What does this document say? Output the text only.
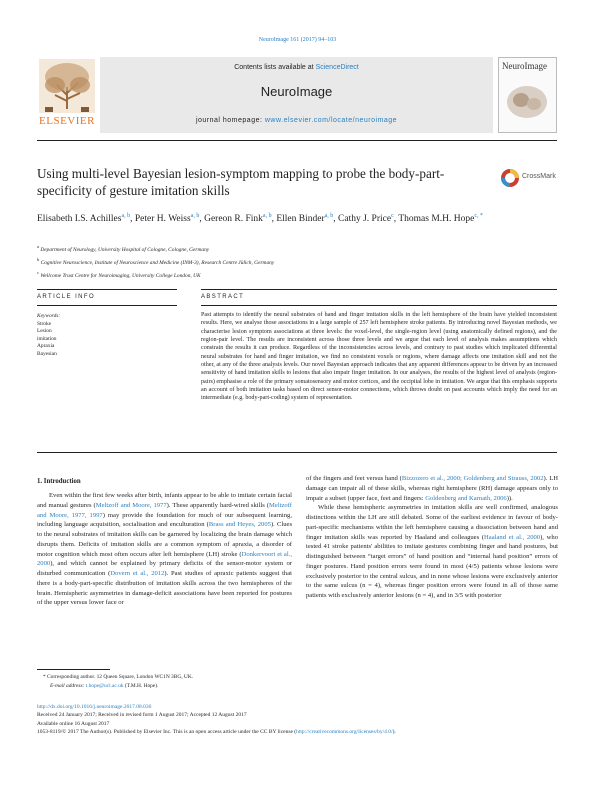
NeuroImage 161 (2017) 94–103
ELSEVIER
Contents lists available at ScienceDirect
NeuroImage
journal homepage: www.elsevier.com/locate/neuroimage
NeuroImage
Using multi-level Bayesian lesion-symptom mapping to probe the body-part-specificity of gesture imitation skills
CrossMark
Elisabeth I.S. Achilles$^{a, b}$, Peter H. Weiss$^{a, b}$, Gereon R. Fink$^{a, b}$, Ellen Binder$^{a, b}$, Cathy J. Price$^c$, Thomas M.H. Hope$^{c, *}$
$^a$ Department of Neurology, University Hospital of Cologne, Cologne, Germany
$^b$ Cognitive Neuroscience, Institute of Neuroscience and Medicine (INM-3), Research Centre Jülich, Germany
$^c$ Wellcome Trust Centre for Neuroimaging, University College London, UK
ARTICLE INFO	ABSTRACT
Keywords:
Stroke
Lesion
imitation
Apraxia
Bayesian
Past attempts to identify the neural substrates of hand and finger imitation skills in the left hemisphere of the brain have yielded inconsistent results. Here, we analyse those associations in a large sample of 257 left hemisphere stroke patients. By introducing novel Bayesian methods, we characterise lesion symptom associations at three levels: the voxel-level, the single-region level (using anatomically defined regions), and the region-pair level. The results are inconsistent across those three levels and we argue that each level of analysis makes assumptions which constrain the results it can produce. Regardless of the inconsistencies across levels, and contrary to past studies which implicated differential neural substrates for hand and finger imitation, we find no consistent voxels or regions, where damage affects one imitation skill and not the other, at any of the three analysis levels. Our novel Bayesian approach indicates that any apparent differences appear to be driven by an increased sensitivity of hand imitation skills to lesions that also impair finger imitation. In our analyses, the results of the highest level of analysis (region-pairs) emphasise a role of the primary somatosensory and motor cortices, and the occipital lobe in imitation. We argue that this emphasis supports an account of both imitation tasks based on direct sensor-motor connections, which throws doubt on past accounts which imply the need for an intermediate (e.g. body-part-coding) system of representation.
1. Introduction

Even within the first few weeks after birth, infants appear to be able to imitate certain facial and manual gestures (Meltzoff and Moore, 1977). These apparently hard-wired skills (Meltzoff and Moore, 1977, 1997) may provide the foundation for much of our subsequent learning, including language acquisition, socialisation and enculturation (Brass and Heyes, 2005). Clues to the neural substrates of imitation skills can be garnered by localizing the brain damage which disrupts them. Deficits of imitation skills are a common symptom of apraxia, a disorder of motor cognition which most often occurs after left hemisphere (LH) stroke (Donkervoort et al., 2000), and which cannot be explained by primary deficits of the sensor-motor system or disturbed communication (Dovern et al., 2012). Past studies of apraxic patients suggest that there is a body-part-specific distribution of imitation skills across the two hemispheres of the brain. Hemispheric asymmetries in damage-deficit associations have been reported for postures of the upper versus lower face or

of the fingers and feet versus hand (Bizzozero et al., 2000; Goldenberg and Strauss, 2002). LH damage can impair all of these skills, whereas right hemisphere (RH) damage appears only to impair a subset (upper face, feet and fingers: Goldenberg and Karnath, 2006)).

While these hemispheric asymmetries in imitation skills are well confirmed, analogous distinctions within the LH are still debated. Some of the earliest evidence in favour of body-part-specific mechanisms within the left hemisphere causing a dissociation between hand and finger imitation skills was reported by Haaland and colleagues (Haaland et al., 2000), who tested 41 stroke patients' abilities to imitate gestures combining finger and hand postures, but distinguished between “target errors” of hand position and “internal hand position” errors of finger postures. Hand position errors were found in most (4/5) patients whose lesions were exclusively posterior to the central sulcus, and in none whose lesions were exclusively anterior to the same sulcus (n = 4), whereas finger position errors were found in all of those same patients with exclusively anterior lesions (n = 4), and in 3/5 with posterior

* Corresponding author. 12 Queen Square, London WC1N 3BG, UK.
E-mail address: t.hope@ucl.ac.uk (T.M.H. Hope).
http://dx.doi.org/10.1016/j.neuroimage.2017.08.036
Received 24 January 2017; Received in revised form 1 August 2017; Accepted 12 August 2017
Available online 16 August 2017
1053-8119/© 2017 The Author(s). Published by Elsevier Inc. This is an open access article under the CC BY license (http://creativecommons.org/licenses/by/4.0/).
